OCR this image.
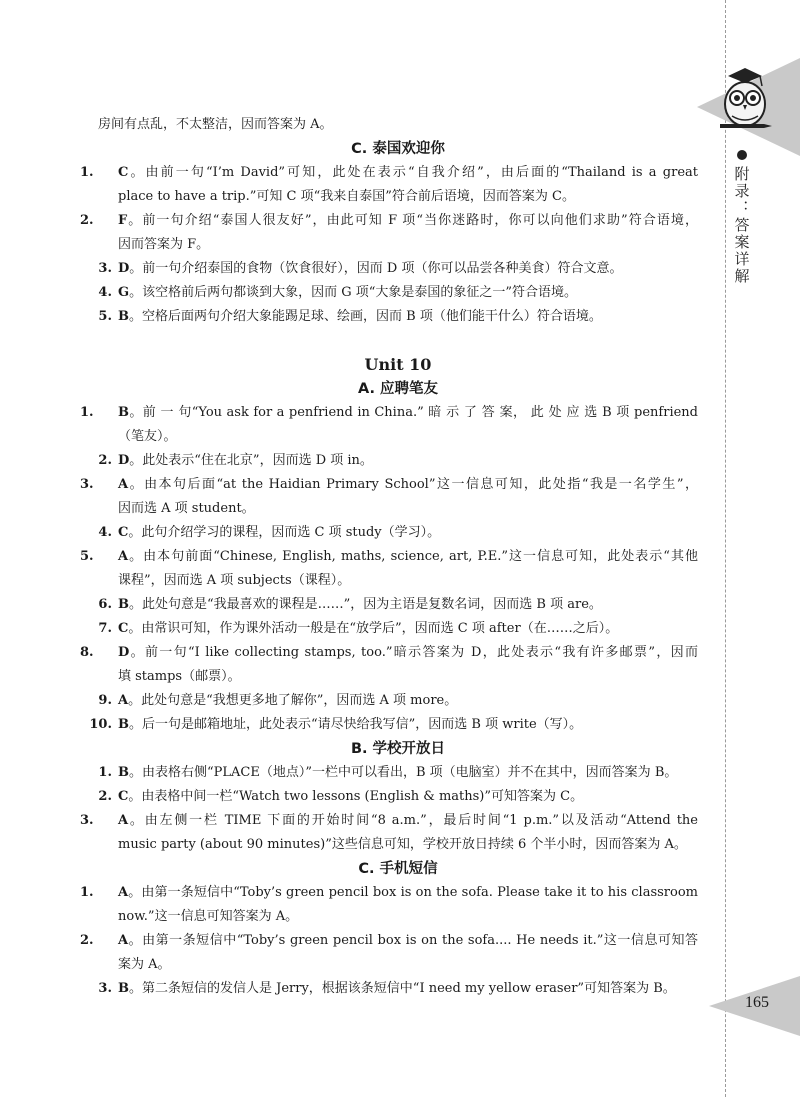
附录：答案详解
165
房间有点乱，不太整洁，因而答案为 A。
C. 泰国欢迎你
1.	C。由前一句“I’m David”可知，此处在表示“自我介绍”，由后面的“Thailand is a great
place to have a trip.”可知 C 项“我来自泰国”符合前后语境，因而答案为 C。
2.	F。前一句介绍“泰国人很友好”，由此可知 F 项“当你迷路时，你可以向他们求助”符合语境，
因而答案为 F。
3. D。前一句介绍泰国的食物（饮食很好），因而 D 项（你可以品尝各种美食）符合文意。
4. G。该空格前后两句都谈到大象，因而 G 项“大象是泰国的象征之一”符合语境。
5. B。空格后面两句介绍大象能踢足球、绘画，因而 B 项（他们能干什么）符合语境。
Unit 10
A. 应聘笔友
1.	B。前 一 句“You ask for a penfriend in China.” 暗 示 了 答 案， 此 处 应 选 B 项 penfriend
（笔友）。
2. D。此处表示“住在北京”，因而选 D 项 in。
3.	A。由本句后面“at the Haidian Primary School”这一信息可知，此处指“我是一名学生”，
因而选 A 项 student。
4. C。此句介绍学习的课程，因而选 C 项 study（学习）。
5.	A。由本句前面“Chinese, English, maths, science, art, P.E.”这一信息可知，此处表示“其他
课程”，因而选 A 项 subjects（课程）。
6. B。此处句意是“我最喜欢的课程是……”，因为主语是复数名词，因而选 B 项 are。
7. C。由常识可知，作为课外活动一般是在“放学后”，因而选 C 项 after（在……之后）。
8.	D。前一句“I like collecting stamps, too.”暗示答案为 D，此处表示“我有许多邮票”，因而
填 stamps（邮票）。
9. A。此处句意是“我想更多地了解你”，因而选 A 项 more。
10. B。后一句是邮箱地址，此处表示“请尽快给我写信”，因而选 B 项 write（写）。
B. 学校开放日
1. B。由表格右侧“PLACE（地点）”一栏中可以看出，B 项（电脑室）并不在其中，因而答案为 B。
2. C。由表格中间一栏“Watch two lessons (English & maths)”可知答案为 C。
3.	A。由左侧一栏 TIME 下面的开始时间“8 a.m.”，最后时间“1 p.m.”以及活动“Attend the
music party (about 90 minutes)”这些信息可知，学校开放日持续 6 个半小时，因而答案为 A。
C. 手机短信
1.	A。由第一条短信中“Toby’s green pencil box is on the sofa. Please take it to his classroom
now.”这一信息可知答案为 A。
2.	A。由第一条短信中“Toby’s green pencil box is on the sofa.... He needs it.”这一信息可知答
案为 A。
3. B。第二条短信的发信人是 Jerry，根据该条短信中“I need my yellow eraser”可知答案为 B。
